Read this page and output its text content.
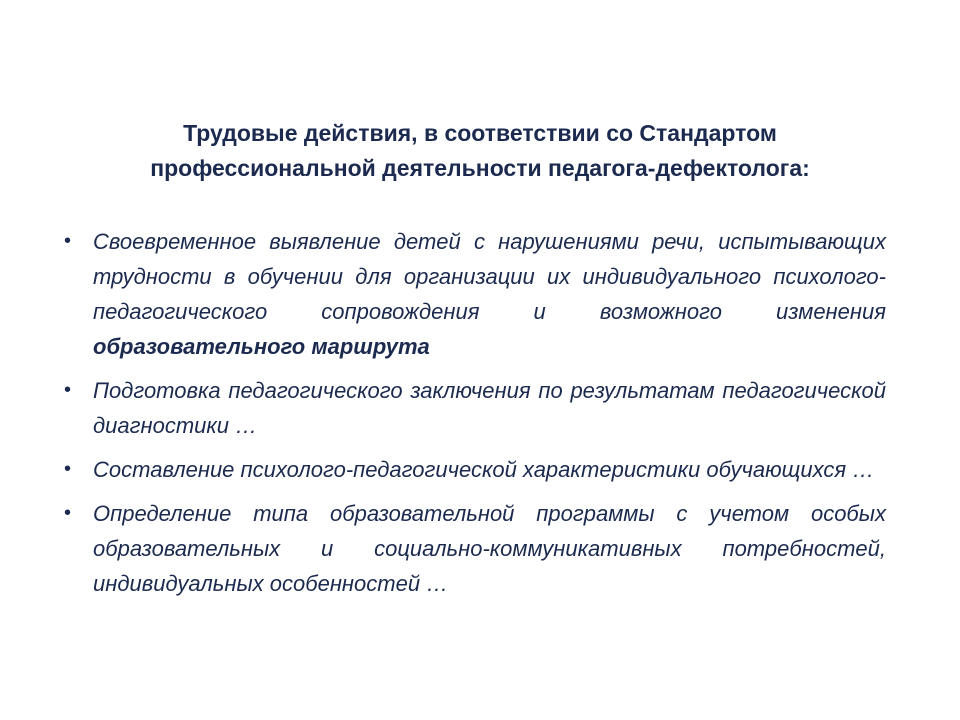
Трудовые действия, в соответствии со Стандартом
профессиональной деятельности педагога-дефектолога:
• Своевременное выявление детей с нарушениями речи, испытывающих трудности в обучении для организации их индивидуального психолого-педагогического сопровождения и возможного изменения образовательного маршрута
• Подготовка педагогического заключения по результатам педагогической диагностики …
• Составление психолого-педагогической характеристики обучающихся …
• Определение типа образовательной программы с учетом особых образовательных и социально-коммуникативных потребностей, индивидуальных особенностей …
